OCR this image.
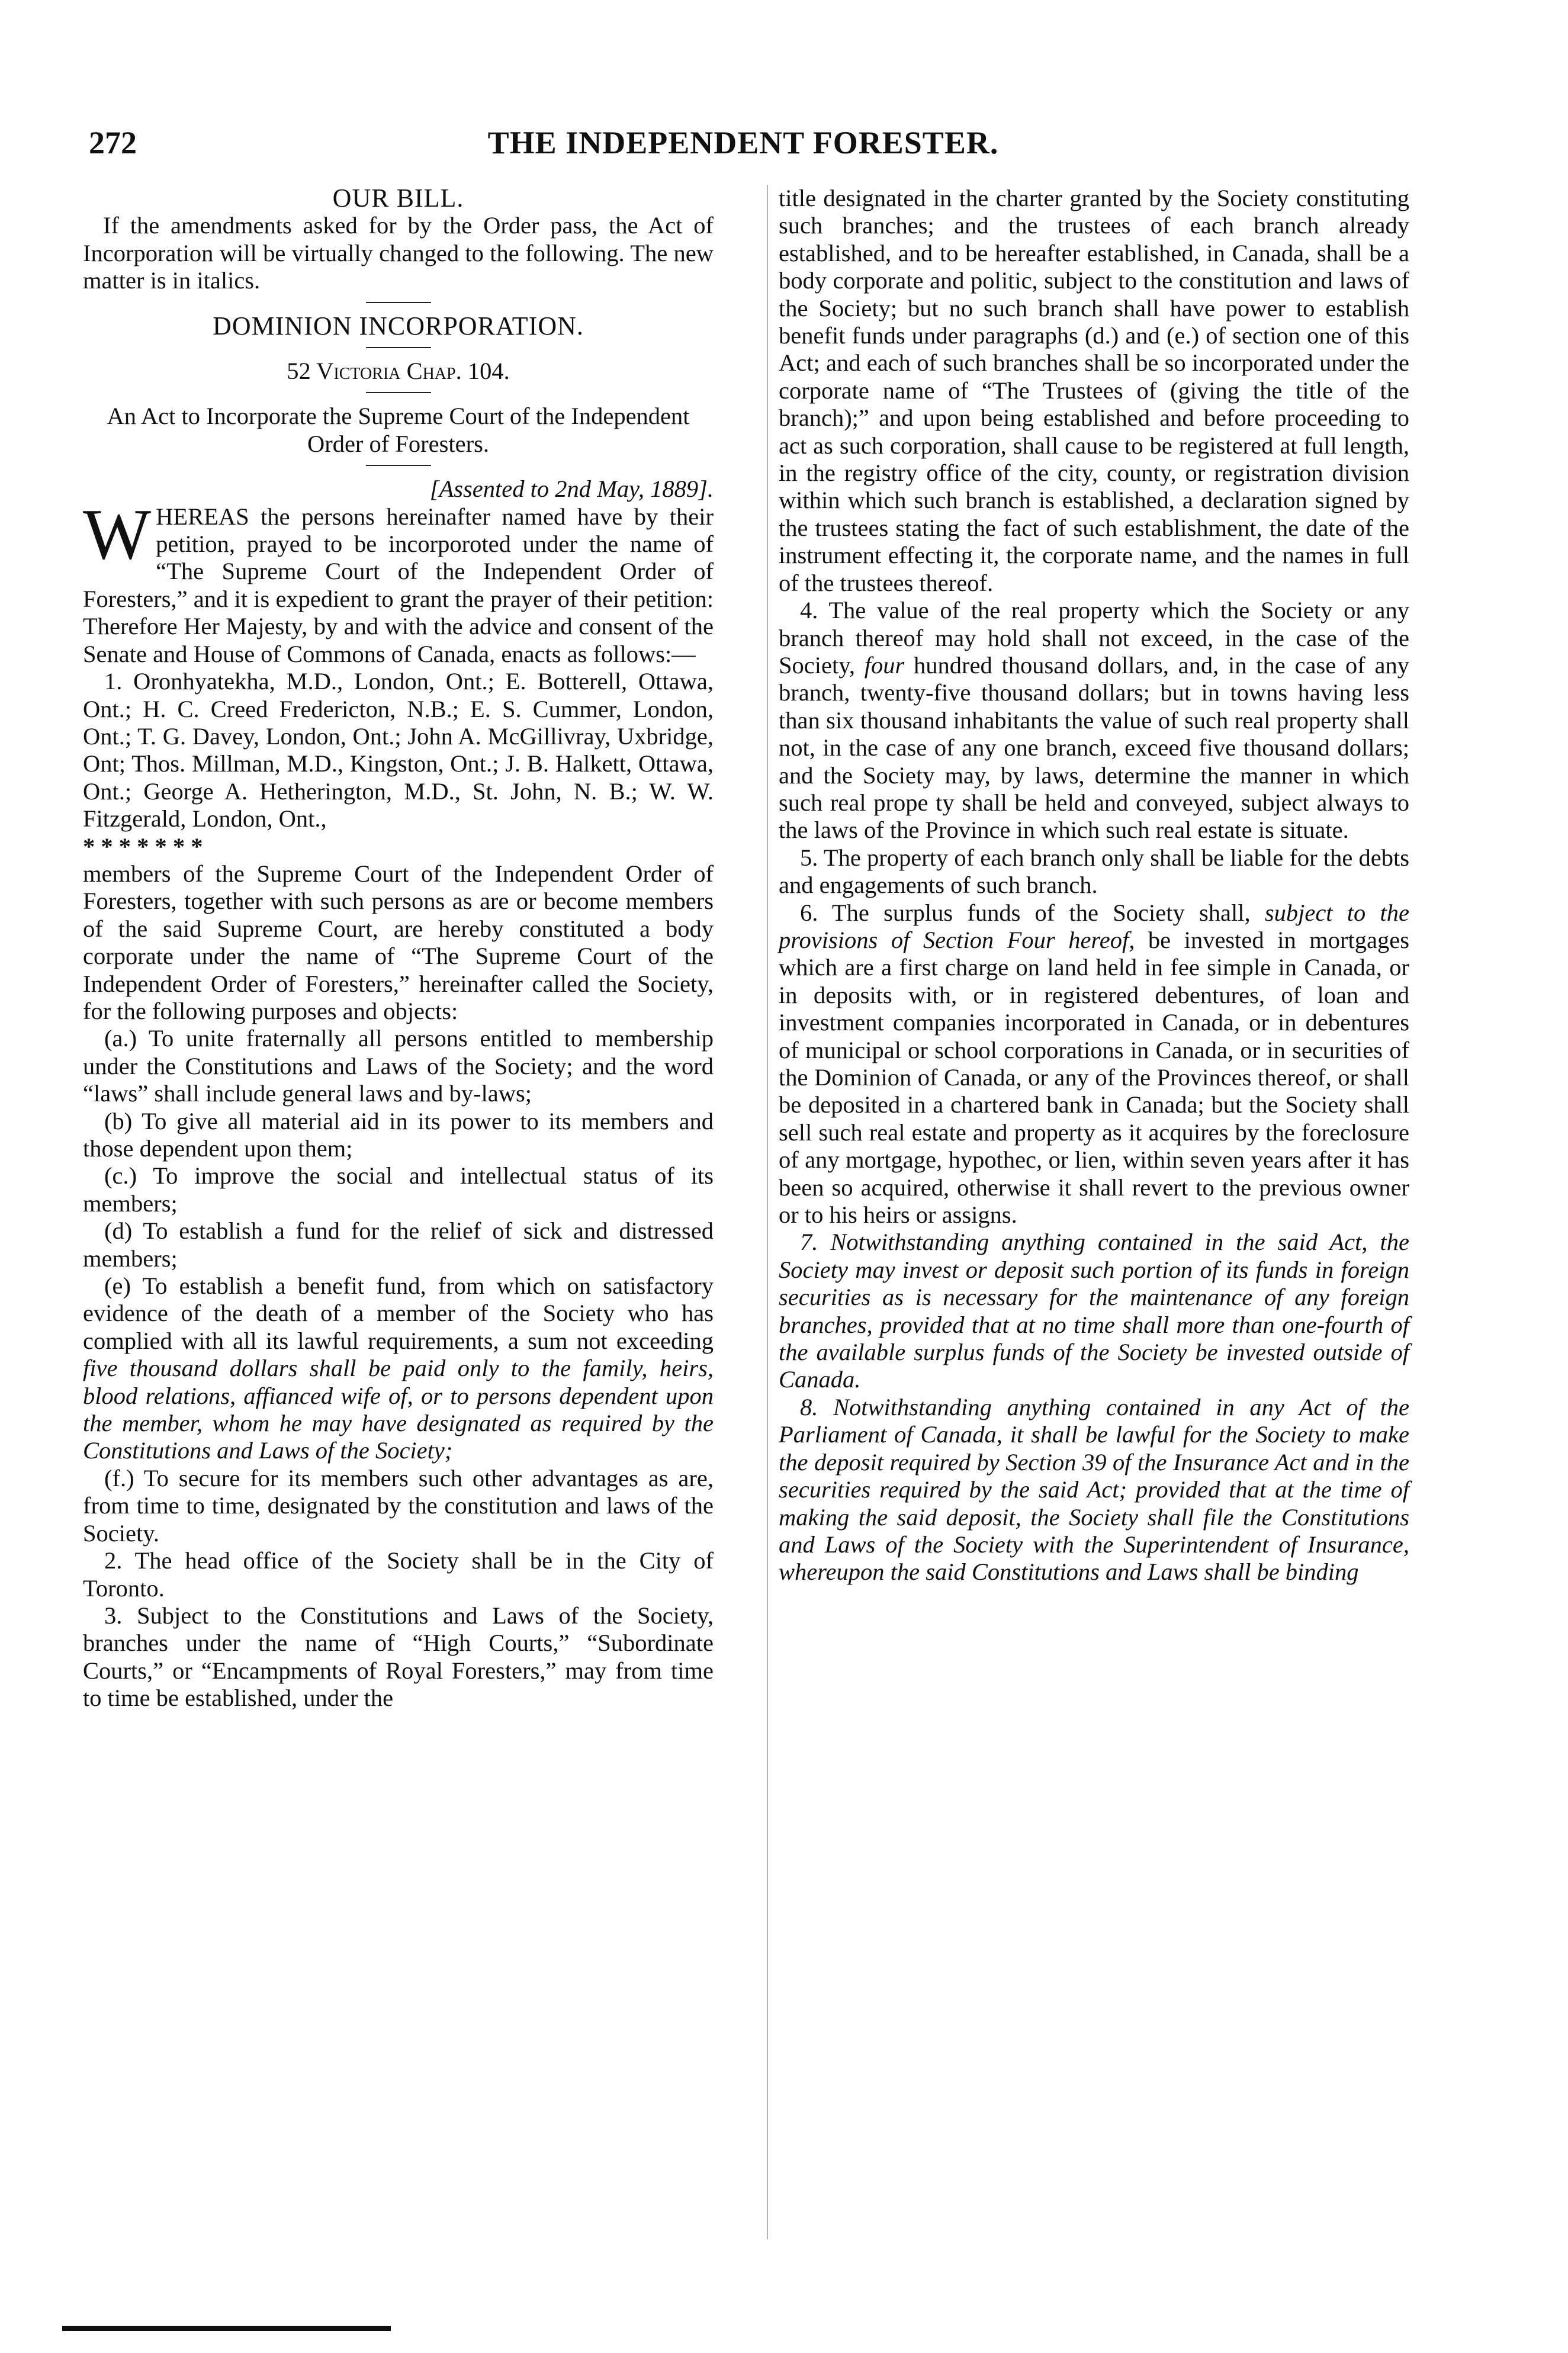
272	THE INDEPENDENT FORESTER.

OUR BILL.

If the amendments asked for by the Order pass, the Act of Incorporation will be virtually changed to the following. The new matter is in italics.

DOMINION INCORPORATION.

52 Victoria Chap. 104.

An Act to Incorporate the Supreme Court of the Independent Order of Foresters.

[Assented to 2nd May, 1889].

W HEREAS the persons hereinafter named have by their petition, prayed to be incorporoted under the name of “The Supreme Court of the Independent Order of Foresters,” and it is expedient to grant the prayer of their petition: Therefore Her Majesty, by and with the advice and consent of the Senate and House of Commons of Canada, enacts as follows:—

1. Oronhyatekha, M.D., London, Ont.; E. Botterell, Ottawa, Ont.; H. C. Creed Fredericton, N.B.; E. S. Cummer, London, Ont.; T. G. Davey, London, Ont.; John A. McGillivray, Uxbridge, Ont; Thos. Millman, M.D., Kingston, Ont.; J. B. Halkett, Ottawa, Ont.; George A. Hetherington, M.D., St. John, N. B.; W. W. Fitzgerald, London, Ont.,

* * * * * * *

members of the Supreme Court of the Independent Order of Foresters, together with such persons as are or become members of the said Supreme Court, are hereby constituted a body corporate under the name of “The Supreme Court of the Independent Order of Foresters,” hereinafter called the Society, for the following purposes and objects:

(a.) To unite fraternally all persons entitled to membership under the Constitutions and Laws of the Society; and the word “laws” shall include general laws and by-laws;

(b) To give all material aid in its power to its members and those dependent upon them;

(c.) To improve the social and intellectual status of its members;

(d) To establish a fund for the relief of sick and distressed members;

(e) To establish a benefit fund, from which on satisfactory evidence of the death of a member of the Society who has complied with all its lawful requirements, a sum not exceeding five thousand dollars shall be paid only to the family, heirs, blood relations, affianced wife of, or to persons dependent upon the member, whom he may have designated as required by the Constitutions and Laws of the Society;

(f.) To secure for its members such other advantages as are, from time to time, designated by the constitution and laws of the Society.

2. The head office of the Society shall be in the City of Toronto.

3. Subject to the Constitutions and Laws of the Society, branches under the name of “High Courts,” “Subordinate Courts,” or “Encampments of Royal Foresters,” may from time to time be established, under the

title designated in the charter granted by the Society constituting such branches; and the trustees of each branch already established, and to be hereafter established, in Canada, shall be a body corporate and politic, subject to the constitution and laws of the Society; but no such branch shall have power to establish benefit funds under paragraphs (d.) and (e.) of section one of this Act; and each of such branches shall be so incorporated under the corporate name of “The Trustees of (giving the title of the branch);” and upon being established and before proceeding to act as such corporation, shall cause to be registered at full length, in the registry office of the city, county, or registration division within which such branch is established, a declaration signed by the trustees stating the fact of such establishment, the date of the instrument effecting it, the corporate name, and the names in full of the trustees thereof.

4. The value of the real property which the Society or any branch thereof may hold shall not exceed, in the case of the Society, four hundred thousand dollars, and, in the case of any branch, twenty-five thousand dollars; but in towns having less than six thousand inhabitants the value of such real property shall not, in the case of any one branch, exceed five thousand dollars; and the Society may, by laws, determine the manner in which such real prope ty shall be held and conveyed, subject always to the laws of the Province in which such real estate is situate.

5. The property of each branch only shall be liable for the debts and engagements of such branch.

6. The surplus funds of the Society shall, subject to the provisions of Section Four hereof, be invested in mortgages which are a first charge on land held in fee simple in Canada, or in deposits with, or in registered debentures, of loan and investment companies incorporated in Canada, or in debentures of municipal or school corporations in Canada, or in securities of the Dominion of Canada, or any of the Provinces thereof, or shall be deposited in a chartered bank in Canada; but the Society shall sell such real estate and property as it acquires by the foreclosure of any mortgage, hypothec, or lien, within seven years after it has been so acquired, otherwise it shall revert to the previous owner or to his heirs or assigns.

7. Notwithstanding anything contained in the said Act, the Society may invest or deposit such portion of its funds in foreign securities as is necessary for the maintenance of any foreign branches, provided that at no time shall more than one-fourth of the available surplus funds of the Society be invested outside of Canada.

8. Notwithstanding anything contained in any Act of the Parliament of Canada, it shall be lawful for the Society to make the deposit required by Section 39 of the Insurance Act and in the securities required by the said Act; provided that at the time of making the said deposit, the Society shall file the Constitutions and Laws of the Society with the Superintendent of Insurance, whereupon the said Constitutions and Laws shall be binding
